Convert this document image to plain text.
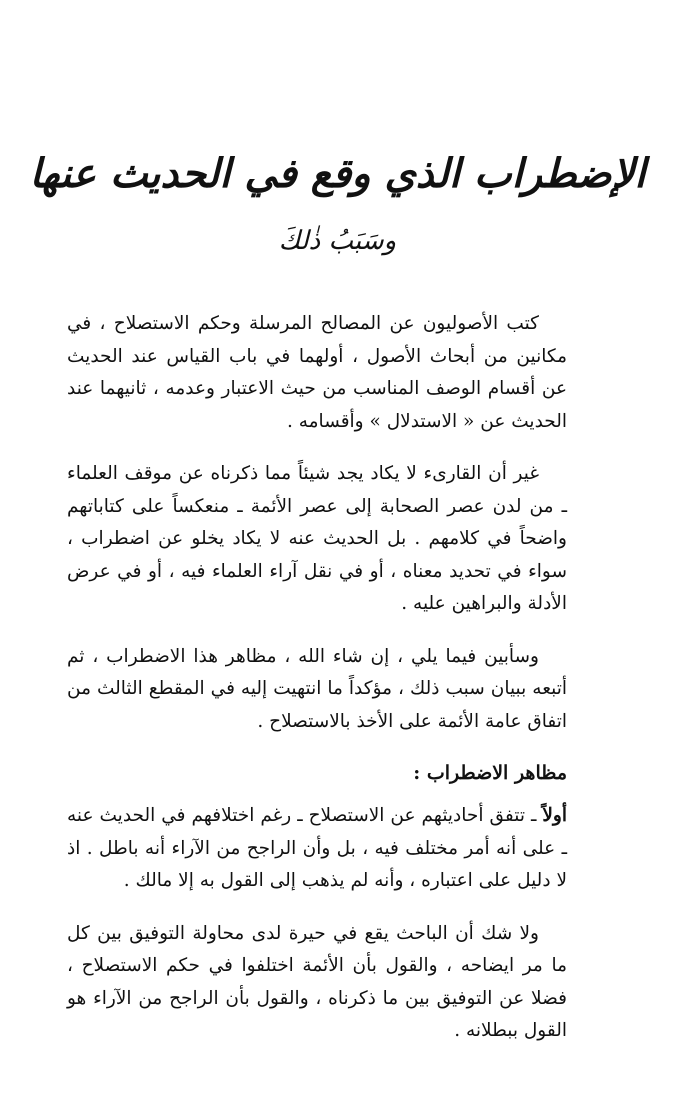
الإضطراب الذي وقع في الحديث عنها
وسَبَبُ ذٰلكَ

كتب الأصوليون عن المصالح المرسلة وحكم الاستصلاح ، في مكانين من أبحاث الأصول ، أولهما في باب القياس عند الحديث عن أقسام الوصف المناسب من حيث الاعتبار وعدمه ، ثانيهما عند الحديث عن « الاستدلال » وأقسامه .

غير أن القارىء لا يكاد يجد شيئاً مما ذكرناه عن موقف العلماء ـ من لدن عصر الصحابة إلى عصر الأئمة ـ منعكساً على كتاباتهم واضحاً في كلامهم . بل الحديث عنه لا يكاد يخلو عن اضطراب ، سواء في تحديد معناه ، أو في نقل آراء العلماء فيه ، أو في عرض الأدلة والبراهين عليه .

وسأبين فيما يلي ، إن شاء الله ، مظاهر هذا الاضطراب ، ثم أتبعه ببيان سبب ذلك ، مؤكداً ما انتهيت إليه في المقطع الثالث من اتفاق عامة الأئمة على الأخذ بالاستصلاح .

مظاهر الاضطراب :

أولاً ـ تتفق أحاديثهم عن الاستصلاح ـ رغم اختلافهم في الحديث عنه ـ على أنه أمر مختلف فيه ، بل وأن الراجح من الآراء أنه باطل . اذ لا دليل على اعتباره ، وأنه لم يذهب إلى القول به إلا مالك .

ولا شك أن الباحث يقع في حيرة لدى محاولة التوفيق بين كل ما مر ايضاحه ، والقول بأن الأئمة اختلفوا في حكم الاستصلاح ، فضلا عن التوفيق بين ما ذكرناه ، والقول بأن الراجح من الآراء هو القول ببطلانه .
